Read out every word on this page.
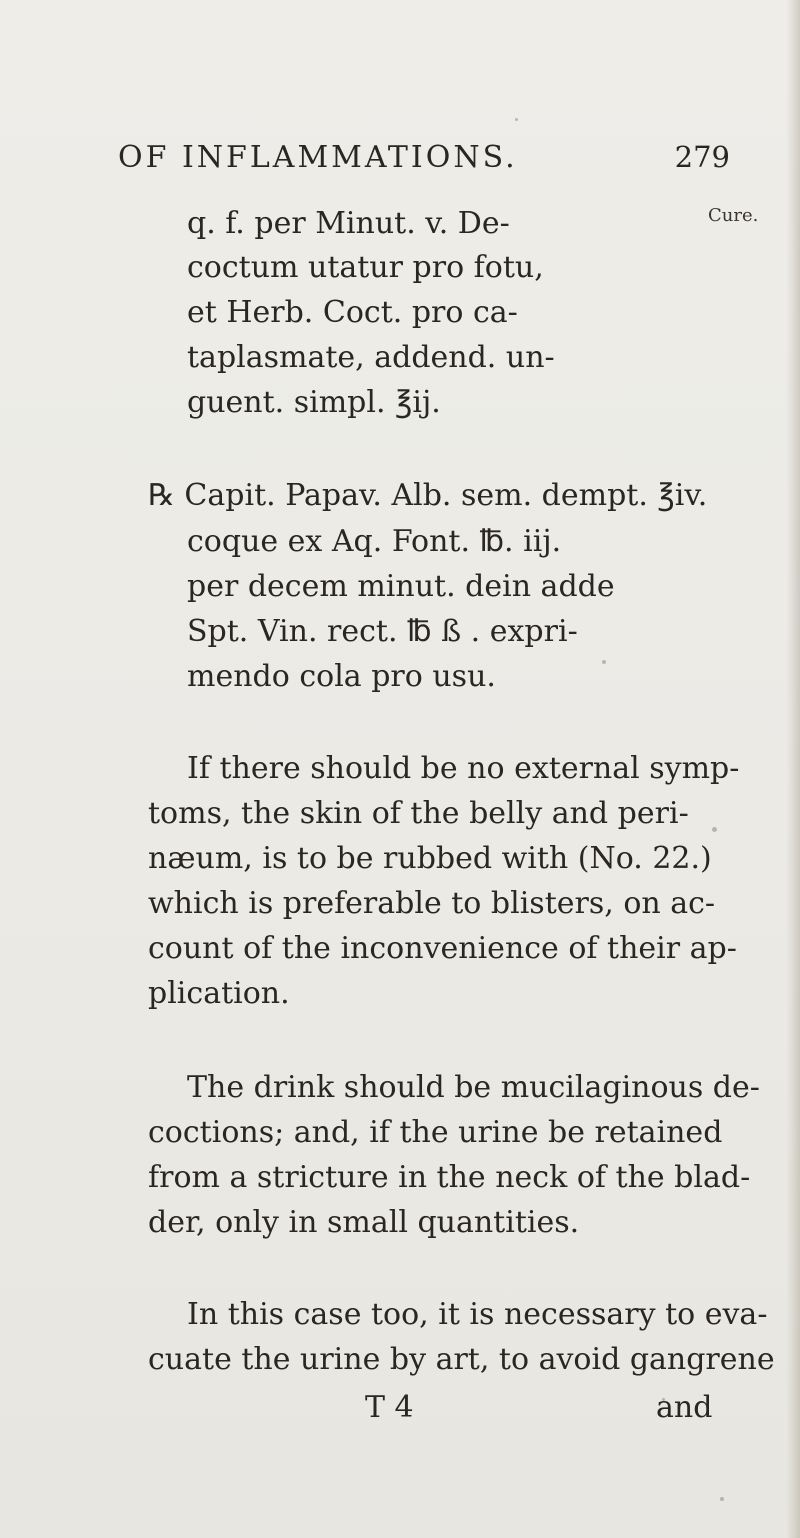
OF INFLAMMATIONS.	279
Cure.
q. f. per Minut. v. De-
coctum utatur pro fotu,
et Herb. Coct. pro ca-
taplasmate, addend. un-
guent. simpl. ℥ij.
℞ Capit. Papav. Alb. sem. dempt. ℥iv.
coque ex Aq. Font. ℔. iij.
per decem minut. dein adde
Spt. Vin. rect. ℔ ß . expri-
mendo cola pro usu.
If there should be no external symp-
toms, the skin of the belly and peri-
næum, is to be rubbed with (No. 22.)
which is preferable to blisters, on ac-
count of the inconvenience of their ap-
plication.
The drink should be mucilaginous de-
coctions; and, if the urine be retained
from a stricture in the neck of the blad-
der, only in small quantities.
In this case too, it is necessary to eva-
cuate the urine by art, to avoid gangrene
T 4	and
